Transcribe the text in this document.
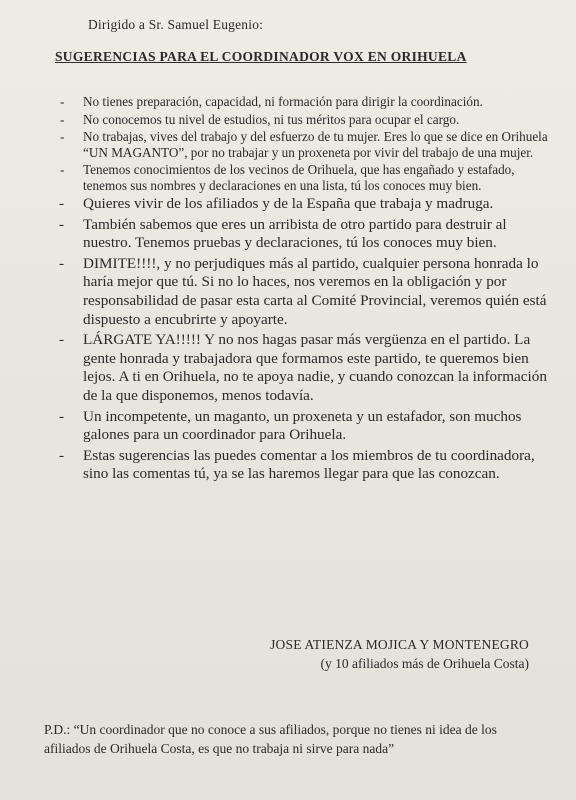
Dirigido a Sr. Samuel Eugenio:
SUGERENCIAS PARA EL COORDINADOR VOX EN ORIHUELA
- No tienes preparación, capacidad, ni formación para dirigir la coordinación.
- No conocemos tu nivel de estudios, ni tus méritos para ocupar el cargo.
- No trabajas, vives del trabajo y del esfuerzo de tu mujer. Eres lo que se dice en Orihuela “UN MAGANTO”, por no trabajar y un proxeneta por vivir del trabajo de una mujer.
- Tenemos conocimientos de los vecinos de Orihuela, que has engañado y estafado, tenemos sus nombres y declaraciones en una lista, tú los conoces muy bien.
- Quieres vivir de los afiliados y de la España que trabaja y madruga.
- También sabemos que eres un arribista de otro partido para destruir al nuestro. Tenemos pruebas y declaraciones, tú los conoces muy bien.
- DIMITE!!!!, y no perjudiques más al partido, cualquier persona honrada lo haría mejor que tú. Si no lo haces, nos veremos en la obligación y por responsabilidad de pasar esta carta al Comité Provincial, veremos quién está dispuesto a encubrirte y apoyarte.
- LÁRGATE YA!!!!! Y no nos hagas pasar más vergüenza en el partido. La gente honrada y trabajadora que formamos este partido, te queremos bien lejos. A ti en Orihuela, no te apoya nadie, y cuando conozcan la información de la que disponemos, menos todavía.
- Un incompetente, un maganto, un proxeneta y un estafador, son muchos galones para un coordinador para Orihuela.
- Estas sugerencias las puedes comentar a los miembros de tu coordinadora, sino las comentas tú, ya se las haremos llegar para que las conozcan.
JOSE ATIENZA MOJICA Y MONTENEGRO
(y 10 afiliados más de Orihuela Costa)
P.D.: “Un coordinador que no conoce a sus afiliados, porque no tienes ni idea de los afiliados de Orihuela Costa, es que no trabaja ni sirve para nada”
